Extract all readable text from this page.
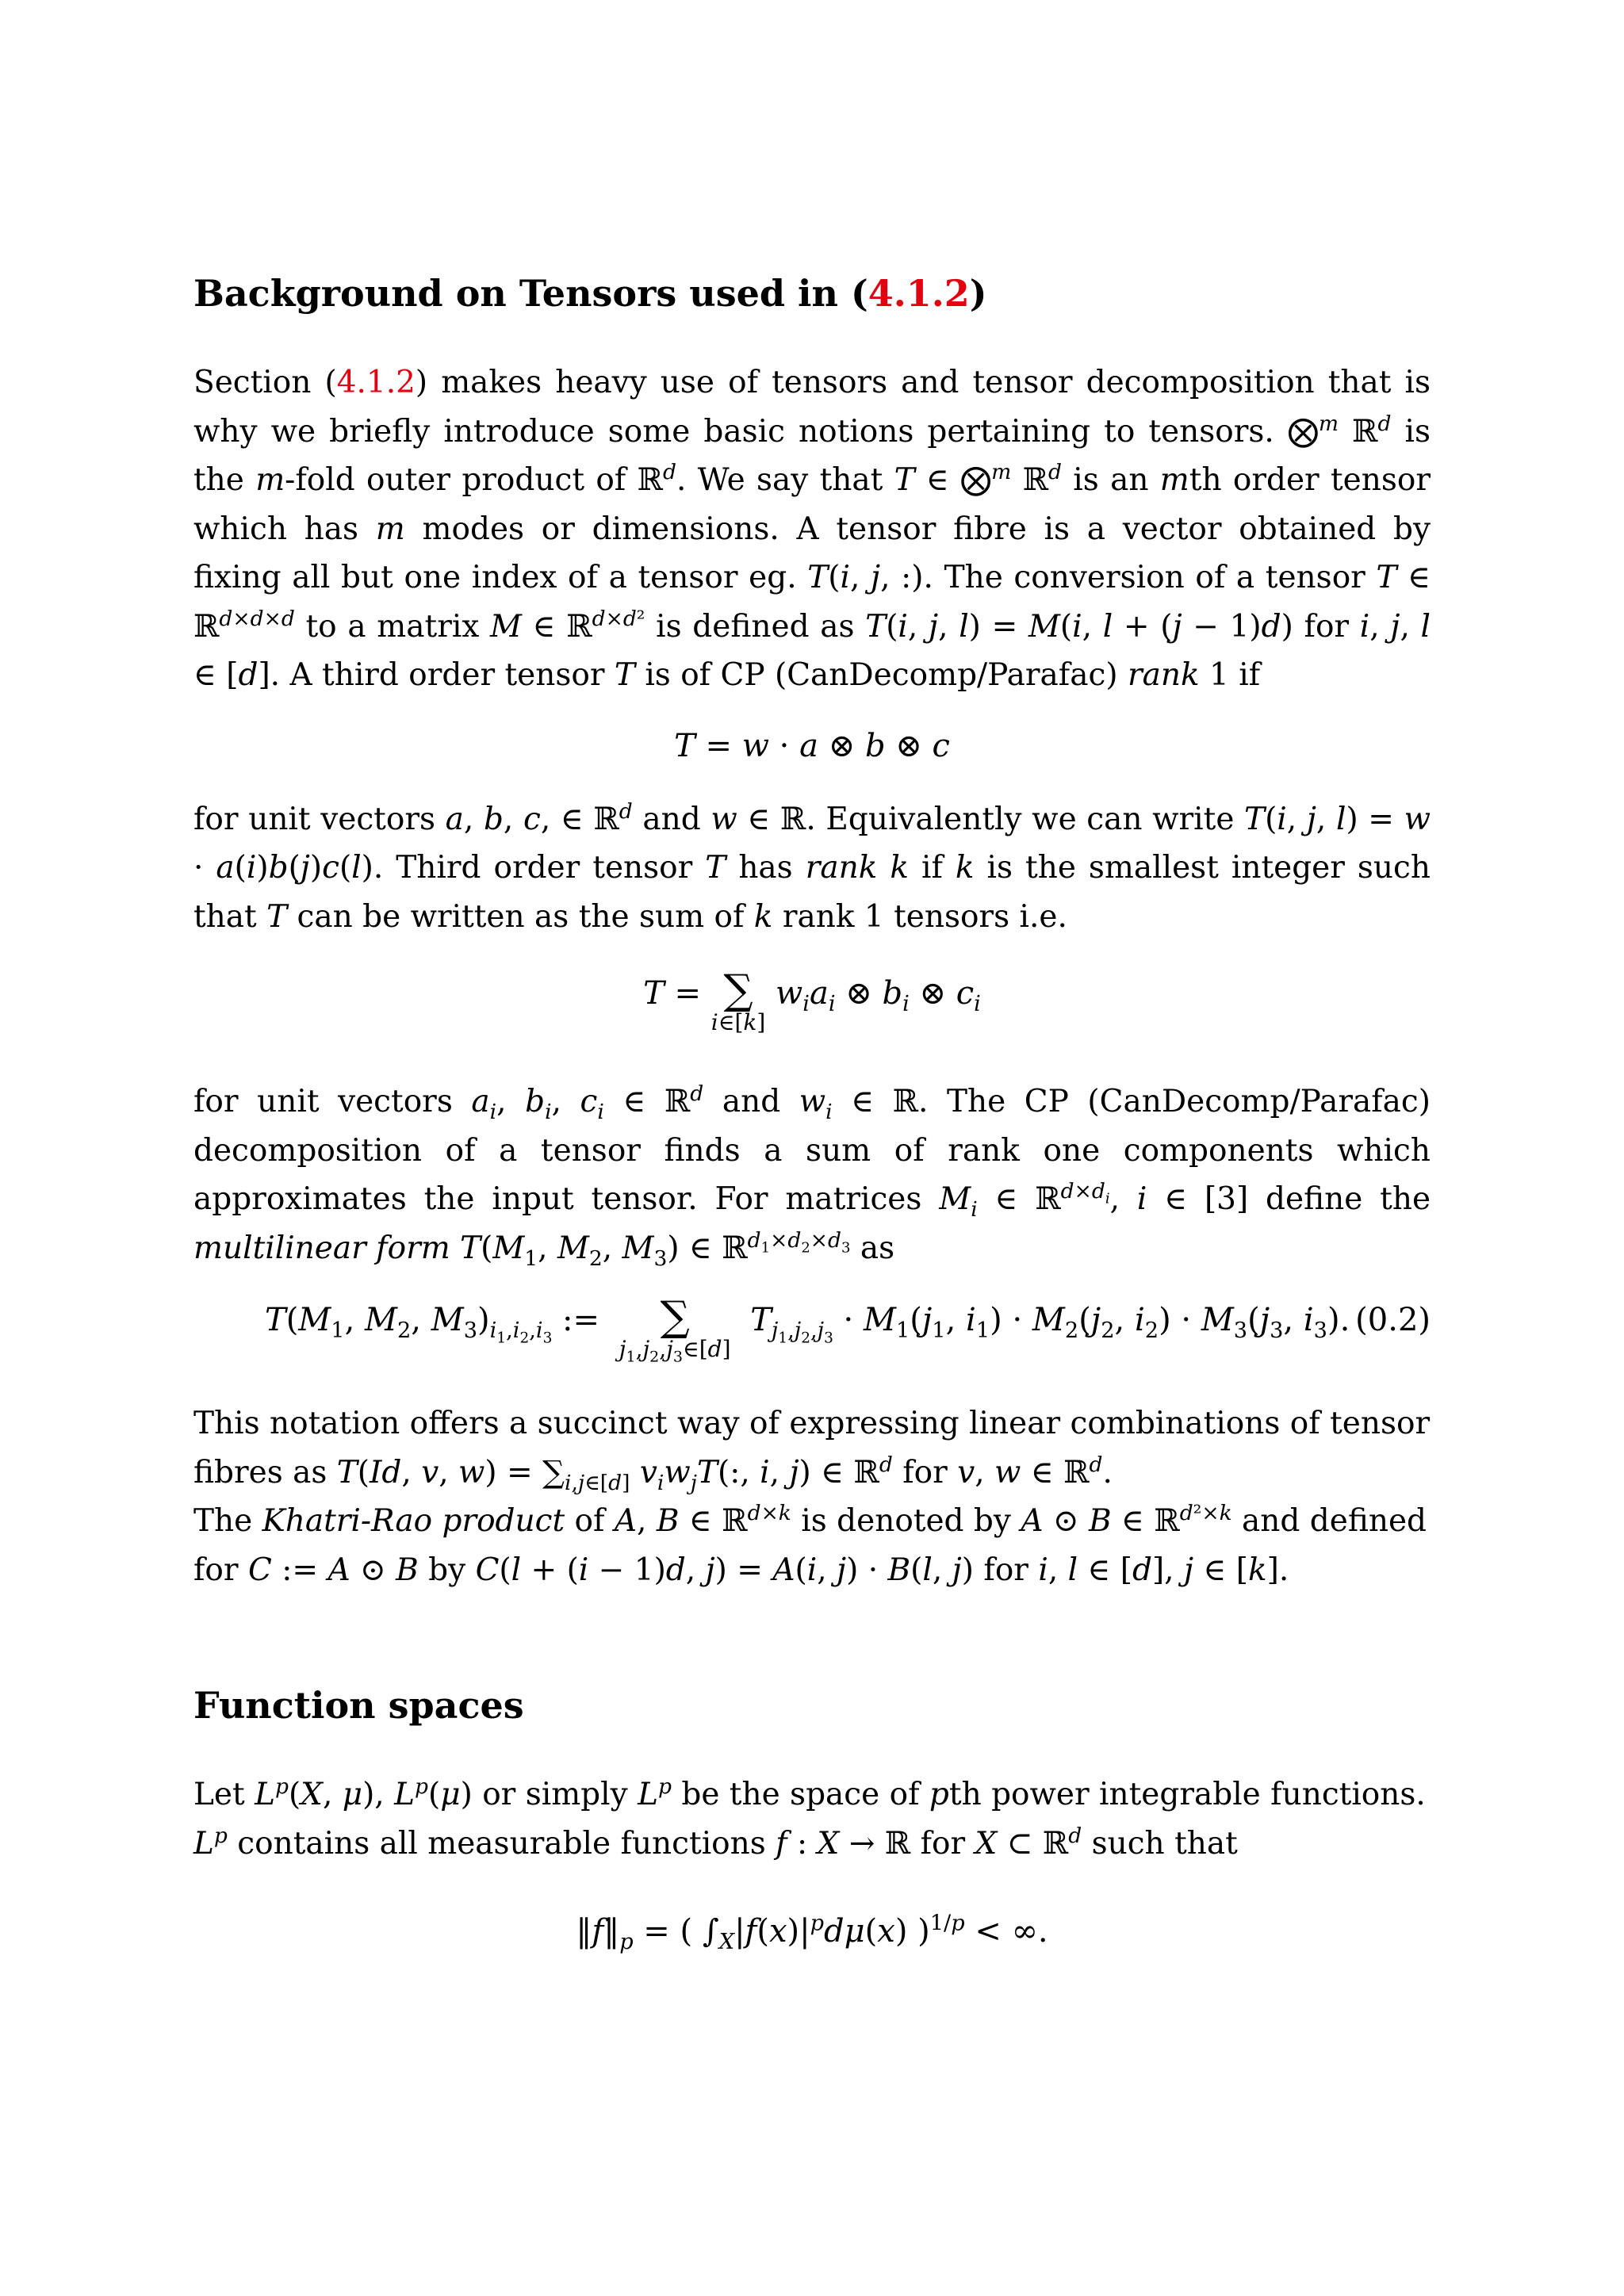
Background on Tensors used in (4.1.2)

Section (4.1.2) makes heavy use of tensors and tensor decomposition that is why we briefly introduce some basic notions pertaining to tensors. ⨂$^m$ ℝ$^d$ is the m-fold outer product of ℝ$^d$. We say that T ∈ ⨂$^m$ ℝ$^d$ is an mth order tensor which has m modes or dimensions. A tensor fibre is a vector obtained by fixing all but one index of a tensor eg. T(i, j, :). The conversion of a tensor T ∈ ℝ$^{d\times d\times d}$ to a matrix M ∈ ℝ$^{d\times d^2}$ is defined as T(i, j, l) = M(i, l + (j − 1)d) for i, j, l ∈ [d]. A third order tensor T is of CP (CanDecomp/Parafac) rank 1 if

T = w · a ⊗ b ⊗ c

for unit vectors a, b, c, ∈ ℝ$^d$ and w ∈ ℝ. Equivalently we can write T(i, j, l) = w · a(i)b(j)c(l). Third order tensor T has rank k if k is the smallest integer such that T can be written as the sum of k rank 1 tensors i.e.

T = ∑
i∈[k]
$w_ia_i$ ⊗ $b_i$ ⊗ $c_i$

for unit vectors $a_i$, $b_i$, $c_i$ ∈ ℝ$^d$ and $w_i$ ∈ ℝ. The CP (CanDecomp/Parafac) decomposition of a tensor finds a sum of rank one components which approximates the input tensor. For matrices $M_i$ ∈ ℝ$^{d\times d_i}$, i ∈ [3] define the multilinear form $T(M_1$, $M_2$, $M_3$) ∈ ℝ$^{d_1\times d_2\times d_3}$ as

$T(M_1$, $M_2$, $M_3)_{i_1,i_2,i_3}$ :=	∑
$j_1,j_2,j_3\in[d]$
$T_{j_1,j_2,j_3} \cdot M_1(j_1$, $i_1) \cdot M_2(j_2$, $i_2) \cdot M_3(j_3$, $i_3$). (0.2)

This notation offers a succinct way of expressing linear combinations of tensor fibres as T(Id, v, $w) = \sum_{i,j\in[d]}$ $v_iw_jT$(:, i, j) ∈ ℝ$^d$ for v, w ∈ ℝ$^d$.
The Khatri-Rao product of A, B ∈ ℝ$^{d\times k}$ is denoted by A ⊙ B ∈ ℝ$^{d^2\times k}$ and defined for C := A ⊙ B by C(l + (i − 1)d, j) = A(i, j) · B(l, j) for i, l ∈ [d], j ∈ [k].

Function spaces

Let $L^p(X$, μ), $L^p(\mu)$ or simply $L^p$ be the space of pth power integrable functions. $L^p$ contains all measurable functions f : X → ℝ for X ⊂ ℝ$^d$ such that

$‖f‖_p$ = ( $\int_X|f(x)|^pd\mu(x) )^{1/p}$ < ∞.
